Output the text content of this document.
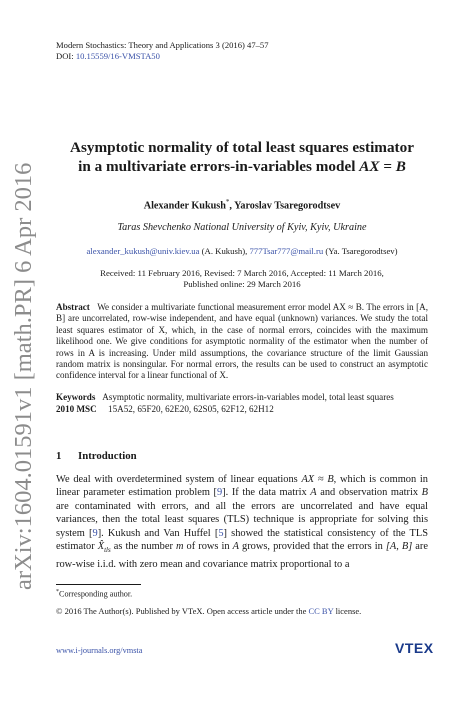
arXiv:1604.01591v1 [math.PR] 6 Apr 2016
Modern Stochastics: Theory and Applications 3 (2016) 47–57
DOI: 10.15559/16-VMSTA50
Asymptotic normality of total least squares estimator
in a multivariate errors-in-variables model AX = B
Alexander Kukush*, Yaroslav Tsaregorodtsev
Taras Shevchenko National University of Kyiv, Kyiv, Ukraine
alexander_kukush@univ.kiev.ua (A. Kukush), 777Tsar777@mail.ru (Ya. Tsaregorodtsev)
Received: 11 February 2016, Revised: 7 March 2016, Accepted: 11 March 2016,
Published online: 29 March 2016
Abstract We consider a multivariate functional measurement error model AX ≈ B. The errors in [A, B] are uncorrelated, row-wise independent, and have equal (unknown) variances. We study the total least squares estimator of X, which, in the case of normal errors, coincides with the maximum likelihood one. We give conditions for asymptotic normality of the estimator when the number of rows in A is increasing. Under mild assumptions, the covariance structure of the limit Gaussian random matrix is nonsingular. For normal errors, the results can be used to construct an asymptotic confidence interval for a linear functional of X.
Keywords Asymptotic normality, multivariate errors-in-variables model, total least squares
2010 MSC 15A52, 65F20, 62E20, 62S05, 62F12, 62H12
1 Introduction
We deal with overdetermined system of linear equations AX ≈ B, which is common in linear parameter estimation problem [9]. If the data matrix A and observation matrix B are contaminated with errors, and all the errors are uncorrelated and have equal variances, then the total least squares (TLS) technique is appropriate for solving this system [9]. Kukush and Van Huffel [5] showed the statistical consistency of the TLS estimator $X̂_{tls}$ as the number m of rows in A grows, provided that the errors in [A, B] are row-wise i.i.d. with zero mean and covariance matrix proportional to a
*Corresponding author.
© 2016 The Author(s). Published by VTeX. Open access article under the CC BY license.
www.i-journals.org/vmsta	VTEX
